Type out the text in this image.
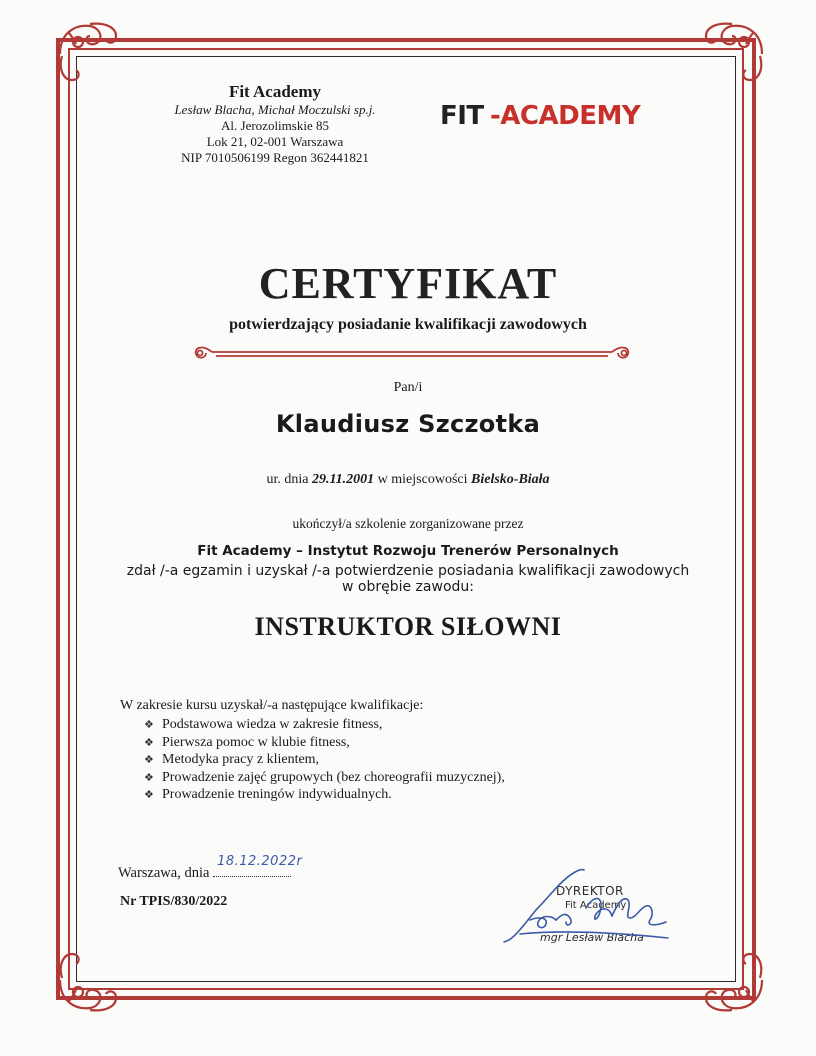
Fit Academy
Lesław Blacha, Michał Moczulski sp.j.
Al. Jerozolimskie 85
Lok 21, 02-001 Warszawa
NIP 7010506199 Regon 362441821
FIT -ACADEMY
CERTYFIKAT
potwierdzający posiadanie kwalifikacji zawodowych
Pan/i
Klaudiusz Szczotka
ur. dnia 29.11.2001 w miejscowości Bielsko-Biała
ukończył/a szkolenie zorganizowane przez
Fit Academy – Instytut Rozwoju Trenerów Personalnych
zdał /-a egzamin i uzyskał /-a potwierdzenie posiadania kwalifikacji zawodowych
w obrębie zawodu:
INSTRUKTOR SIŁOWNI
W zakresie kursu uzyskał/-a następujące kwalifikacje:
❖ Podstawowa wiedza w zakresie fitness,
❖ Pierwsza pomoc w klubie fitness,
❖ Metodyka pracy z klientem,
❖ Prowadzenie zajęć grupowych (bez choreografii muzycznej),
❖ Prowadzenie treningów indywidualnych.
Warszawa, dnia
18.12.2022r
Nr TPIS/830/2022
DYREKTOR
Fit Academy
mgr Lesław Blacha
